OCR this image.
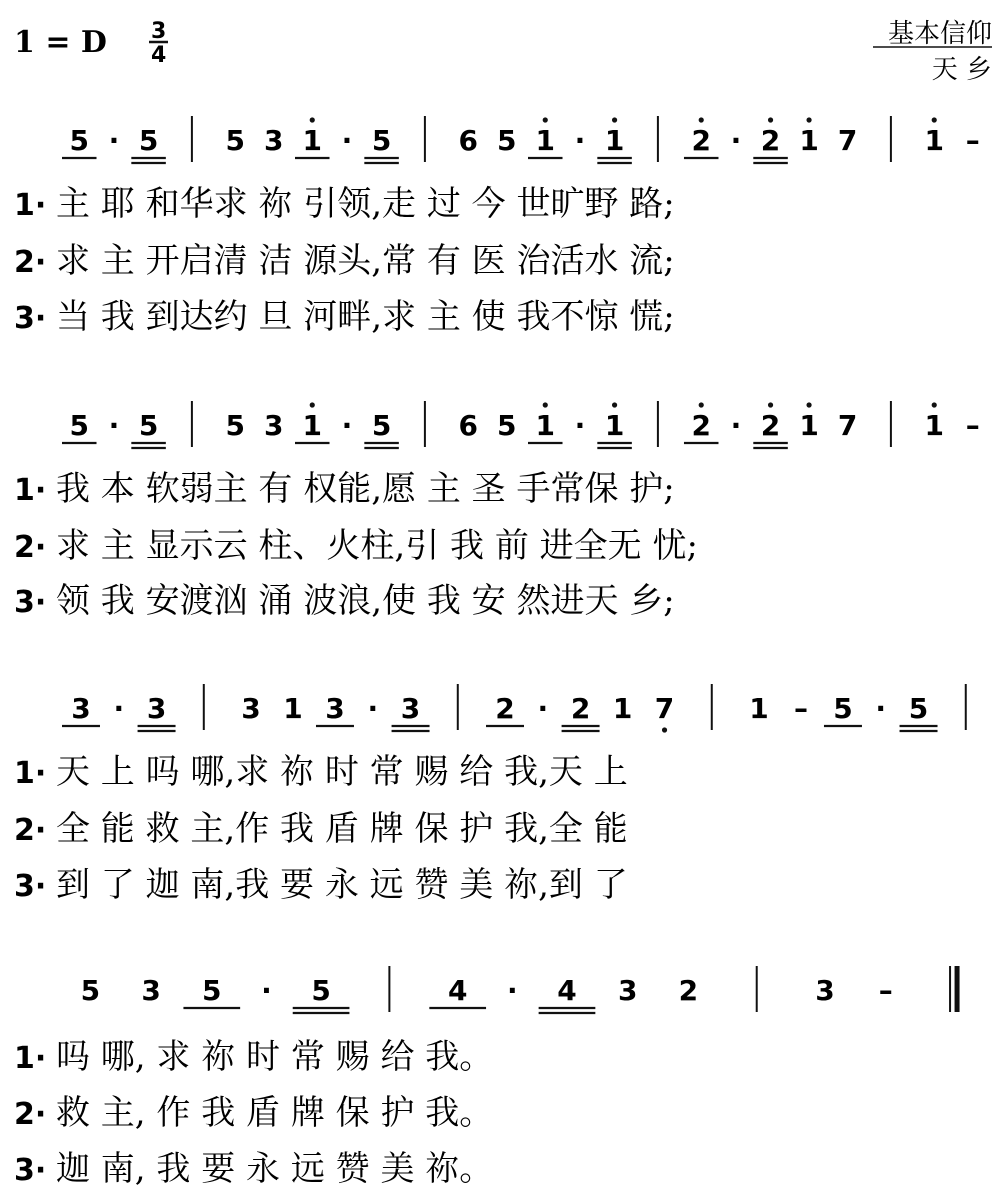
1 = D 3
4
基本信仰
天 乡
1· 主 耶 和华求 祢 引领,走 过 今 世旷野 路;
2· 求 主 开启清 洁 源头,常 有 医 治活水 流;
3· 当 我 到达约 旦 河畔,求 主 使 我不惊 慌;
5 · 5 5 3 1 · 5 6 5 1 · 1 2 · 2 1 7 1 –
1· 我 本 软弱主 有 权能,愿 主 圣 手常保 护;
2· 求 主 显示云 柱、火柱,引 我 前 进全无 忧;
3· 领 我 安渡汹 涌 波浪,使 我 安 然进天 乡;
5 · 5 5 3 1 · 5 6 5 1 · 1 2 · 2 1 7 1 –
1· 天 上 吗 哪,求 祢 时 常 赐 给 我,天 上
2· 全 能 救 主,作 我 盾 牌 保 护 我,全 能
3· 到 了 迦 南,我 要 永 远 赞 美 祢,到 了
3 · 3	3 1 3 · 3	2 · 2 1 7	1 – 5 · 5
1· 吗 哪, 求 祢 时 常 赐 给 我。
2· 救 主, 作 我 盾 牌 保 护 我。
3· 迦 南, 我 要 永 远 赞 美 祢。
5 3 5 · 5	4 · 4 3 2	3 –
